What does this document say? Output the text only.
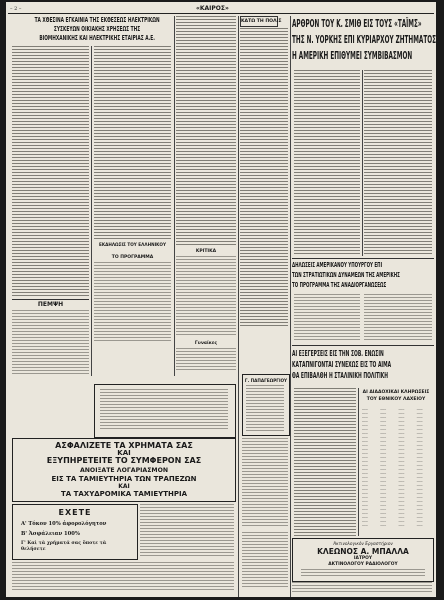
– 2 –	«ΚΑΙΡΟΣ»
ΤΑ ΧΘΕΣΙΝΑ ΕΓΚΑΙΝΙΑ ΤΗΣ ΕΚΘΕΣΕΩΣ ΗΛΕΚΤΡΙΚΩΝ
ΣΥΣΚΕΥΩΝ ΟΙΚΙΑΚΗΣ ΧΡΗΣΕΩΣ ΤΗΣ
ΒΙΟΜΗΧΑΝΙΚΗΣ ΚΑΙ ΗΛΕΚΤΡΙΚΗΣ ΕΤΑΙΡΙΑΣ Α.Ε.
ΕΚΔΗΛΩΣΙΣ ΤΟΥ ΕΛΛΗΝΙΚΟΥ
ΤΟ ΠΡΟΓΡΑΜΜΑ
ΠΕΜΨΗ
ΚΡΙΤΙΚΑ
Γυναίκες
ΚΑΤΩ ΤΗ ΠΟΛΙΣ ΑΡΘΡΟΝ ΤΟΥ Κ. ΣΜΙΘ ΕΙΣ ΤΟΥΣ «ΤΑΪΜΣ»
ΤΗΣ Ν. ΥΟΡΚΗΣ ΕΠΙ ΚΥΡΙΑΡΧΟΥ ΖΗΤΗΜΑΤΟΣ
Η ΑΜΕΡΙΚΗ ΕΠΙΘΥΜΕΙ ΣΥΜΒΙΒΑΣΜΟΝ
ΔΗΛΩΣΕΙΣ ΑΜΕΡΙΚΑΝΟΥ ΥΠΟΥΡΓΟΥ ΕΠΙ
ΤΩΝ ΣΤΡΑΤΙΩΤΙΚΩΝ ΔΥΝΑΜΕΩΝ ΤΗΣ ΑΜΕΡΙΚΗΣ
ΤΟ ΠΡΟΓΡΑΜΜΑ ΤΗΣ ΑΝΑΔΙΟΡΓΑΝΩΣΕΩΣ
ΑΙ ΕΞΕΓΕΡΣΕΙΣ ΕΙΣ ΤΗΝ ΣΟΒ. ΕΝΩΣΙΝ
ΚΑΤΑΠΝΙΓΟΝΤΑΙ ΣΥΝΕΧΩΣ ΕΙΣ ΤΟ ΑΙΜΑ
ΘΑ ΕΠΙΒΑΛΘΗ Η ΣΤΑΛΙΝΙΚΗ ΠΟΛΙΤΙΚΗ
ΑΙ ΔΙΑΔΟΧΙΚΑΙ ΚΛΗΡΩΣΕΙΣ
ΤΟΥ ΕΘΝΙΚΟΥ ΛΑΧΕΙΟΥ
———	———	———	———
———	———	———	———
———	———	———	———
———	———	———	———
———	———	———	———
———	———	———	———
———	———	———	———
———	———	———	———
———	———	———	———
———	———	———	———
———	———	———	———
———	———	———	———
———	———	———	———
———	———	———	———
———	———	———	———
———	———	———	———
———	———	———	———
———	———	———	———
———	———	———	———
———	———	———	———
———	———	———	———
———	———	———	———
———	———	———	———
———	———	———	———
———	———	———	———
———	———	———	———
———	———	———	———
———	———	———	———
———	———	———	———
———	———	———	———
Γ. ΠΑΠΑΓΕΩΡΓΙΟΥ
ΑΣΦΑΛΙΖΕΤΕ ΤΑ ΧΡΗΜΑΤΑ ΣΑΣ
ΚΑΙ
ΕΞΥΠΗΡΕΤΕΙΤΕ ΤΟ ΣΥΜΦΕΡΟΝ ΣΑΣ
ΑΝΟΙΞΑΤΕ ΛΟΓΑΡΙΑΣΜΟΝ
ΕΙΣ ΤΑ ΤΑΜΙΕΥΤΗΡΙΑ ΤΩΝ ΤΡΑΠΕΖΩΝ
ΚΑΙ
ΤΑ ΤΑΧΥΔΡΟΜΙΚΑ ΤΑΜΙΕΥΤΗΡΙΑ
ΕΧΕΤΕ
Α' Τόκον 10% ἀφορολόγητον
Β' Ἀσφάλειαν 100%
Γ' Καὶ τὰ χρήματά σας ὅποτε τὰ θελήσετε
Ἀκτινολογικὸν Ἐργαστήριον
ΚΛΕΩΝΟΣ Α. ΜΠΑΛΛΑ
ΙΑΤΡΟΥ
ΑΚΤΙΝΟΛΟΓΟΥ ΡΑΔΙΟΛΟΓΟΥ
